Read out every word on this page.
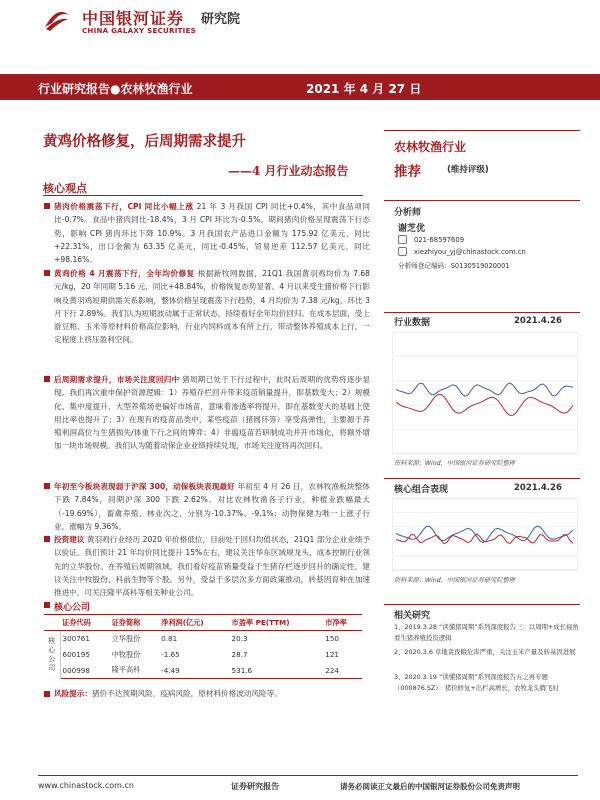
中国银河证券 研究院
CHINA GALAXY SECURITIES
行业研究报告●农林牧渔行业	2021 年 4 月 27 日
黄鸡价格修复，后周期需求提升
——4 月行业动态报告
核心观点
猪肉价格震荡下行，CPI 同比小幅上涨 21 年 3 月我国 CPI 同比+0.4%，其中食品项同比-0.7%。食品中猪肉同比-18.4%，3 月 CPI 环比为-0.5%。期间猪肉价格呈现震荡下行态势，影响 CPI 猪肉环比下降 10.9%。3 月我国农产品进口金额为 175.92 亿美元，同比+22.31%，出口金额为 63.35 亿美元，同比-0.45%，贸易逆差 112.57 亿美元，同比+98.16%。
黄鸡价格 4 月震荡下行，全年均价修复 根据新牧网数据，21Q1 我国黄羽鸡均价为 7.68 元/kg，20 年同期 5.16 元，同比+48.84%，价格恢复态势显著。4 月以来受生猪价格下行影响及黄羽鸡短期供需关系影响，整体价格呈现震荡下行趋势，4 月均价为 7.38 元/kg，环比 3 月下行 2.89%。我们认为短期波动属于正常状态，持续看好全年均价回归。在成本层面，受上游豆粕、玉米等原材料价格高位影响，行业内饲料成本有所上行，带动整体养殖成本上行，一定程度上挤压盈利空间。
后周期需求提升，市场关注度回归中 猪周期已处于下行过程中，此时后周期的优势将逐步显现。我们再次重申保护资源逻辑：1）养殖存栏回升带来疫苗销量提升，即基数变大；2）规模化、集中度提升，大型养殖场更偏好市场苗，意味着渗透率将提升，即在基数变大的基础上使用比率也提升了；3）在现有的疫苗品类中，某些疫苗（猪圆环等）享受高弹性，主要源于养殖利润高位与生猪损失/体重下行之间的博弈；4）非瘟疫苗若研制成功并开市场化，将额外增加一块市场规模。我们认为随着动保企业业绩持续兑现，市场关注度将再次回归。
年初至今板块表现弱于沪深 300，动保板块表现最好 年初至 4 月 26 日，农林牧渔板块整体下跌 7.84%，同期沪深 300 下跌 2.62%。对比农林牧渔各子行业，种植业跌幅最大（-19.69%），畜禽养殖、林业次之，分别为-10.37%、-9.1%；动物保健为唯一上涨子行业，涨幅为 9.36%。
投资建议 黄羽鸡行业经历 2020 年价格低位，目前处于回归均值状态，21Q1 部分企业业绩予以验证。我们预计 21 年均价同比提升 15%左右，建议关注华东区域规龙头、成本控制行业领先的立华股份。在养殖后周期领域，我们看好疫苗销量受益于生猪存栏逐步回升的确定性，建议关注中牧股份、科前生物等个股。另外，受益于多层次多方面政策推动，转基因育种在加速推进中，可关注隆平高科等相关种业公司。
核心公司
	证券代码	证券简称	净利润(亿元)	市盈率 PE(TTM)	市净率
核心公司	300761	立华股份	0.81	20.3	150
	600195	中牧股份	-1.65	28.7	121
	000998	隆平高科	-4.49	531.6	224
风险提示：猪价不达预期风险，疫病风险，原材料价格波动风险等。
农林牧渔行业
推荐	(维持评级)
分析师
谢芝优
021-68597609
xiezhiyou_yj@chinastock.com.cn
分析师登记编码：S0130519020001
行业数据	2021.4.26
资料来源：Wind，中国银河证券研究院整理
核心组合表现	2021.4.26
资料来源：Wind，中国银河证券研究院整理
相关研究
1、2019.3.28 “读懂猪周期”系列深度报告三：以周期+成长视角看生猪养殖投资逻辑
2、2020.3.6 草地贪夜蛾危害严重，关注玉米产量及转基因进展
3、2020.3.19 “读懂猪周期”系列深度报告五之再专题（000876.SZ）：猪价修复+出栏高增长，农牧龙头腾飞时
www.chinastock.com.cn	证券研究报告	请务必阅读正文最后的中国银河证券股份公司免责声明
